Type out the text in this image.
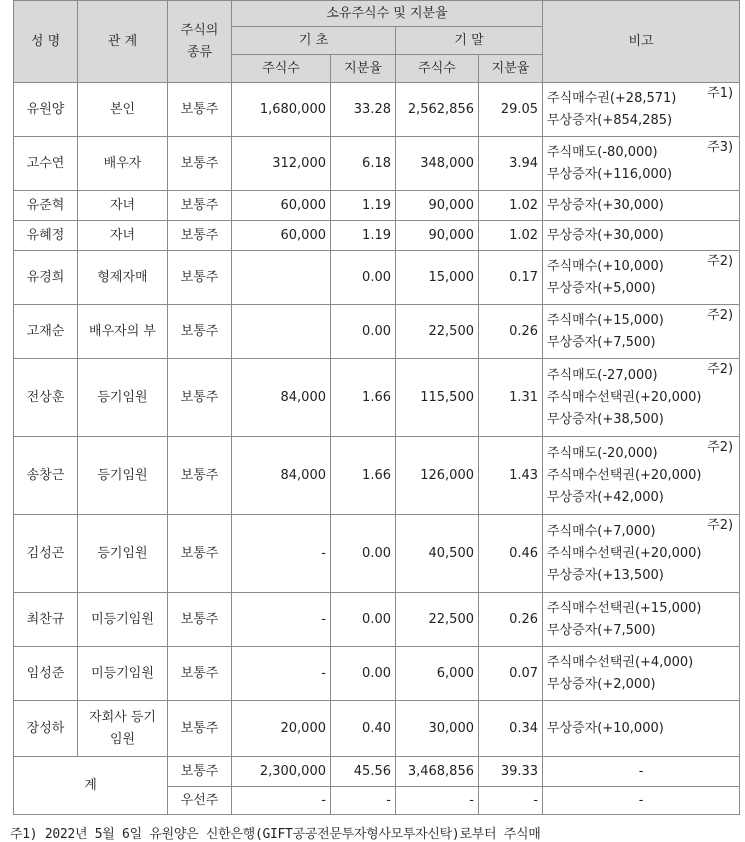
성 명	관 계	주식의
종류	소유주식수 및 지분율				비고
			기 초		기 말		
			주식수	지분율	주식수	지분율	
유원양	본인	보통주	1,680,000	33.28	2,562,856	29.05	주식매수권(+28,571)
무상증자(+854,285)
주1)

고수연	배우자	보통주	312,000	6.18	348,000	3.94	주식매도(-80,000)
무상증자(+116,000)
주3)

유준혁	자녀	보통주	60,000	1.19	90,000	1.02	무상증자(+30,000)

유혜정	자녀	보통주	60,000	1.19	90,000	1.02	무상증자(+30,000)

유경희	형제자매	보통주		0.00	15,000	0.17	주식매수(+10,000)
무상증자(+5,000)
주2)

고재순	배우자의 부	보통주		0.00	22,500	0.26	주식매수(+15,000)
무상증자(+7,500)
주2)

전상훈	등기임원	보통주	84,000	1.66	115,500	1.31	주식매도(-27,000)
주식매수선택권(+20,000)
무상증자(+38,500)
주2)

송창근	등기임원	보통주	84,000	1.66	126,000	1.43	주식매도(-20,000)
주식매수선택권(+20,000)
무상증자(+42,000)
주2)

김성곤	등기임원	보통주	-	0.00	40,500	0.46	주식매수(+7,000)
주식매수선택권(+20,000)
무상증자(+13,500)
주2)

최찬규	미등기임원	보통주	-	0.00	22,500	0.26	주식매수선택권(+15,000)
무상증자(+7,500)

임성준	미등기임원	보통주	-	0.00	6,000	0.07	주식매수선택권(+4,000)
무상증자(+2,000)

장성하	자회사 등기 임원	보통주	20,000	0.40	30,000	0.34	무상증자(+10,000)

계		보통주	2,300,000	45.56	3,468,856	39.33	-
		우선주	-	-	-	-	-
주1) 2022년 5월 6일 유원양은 신한은행(GIFT공공전문투자형사모투자신탁)로부터 주식매
